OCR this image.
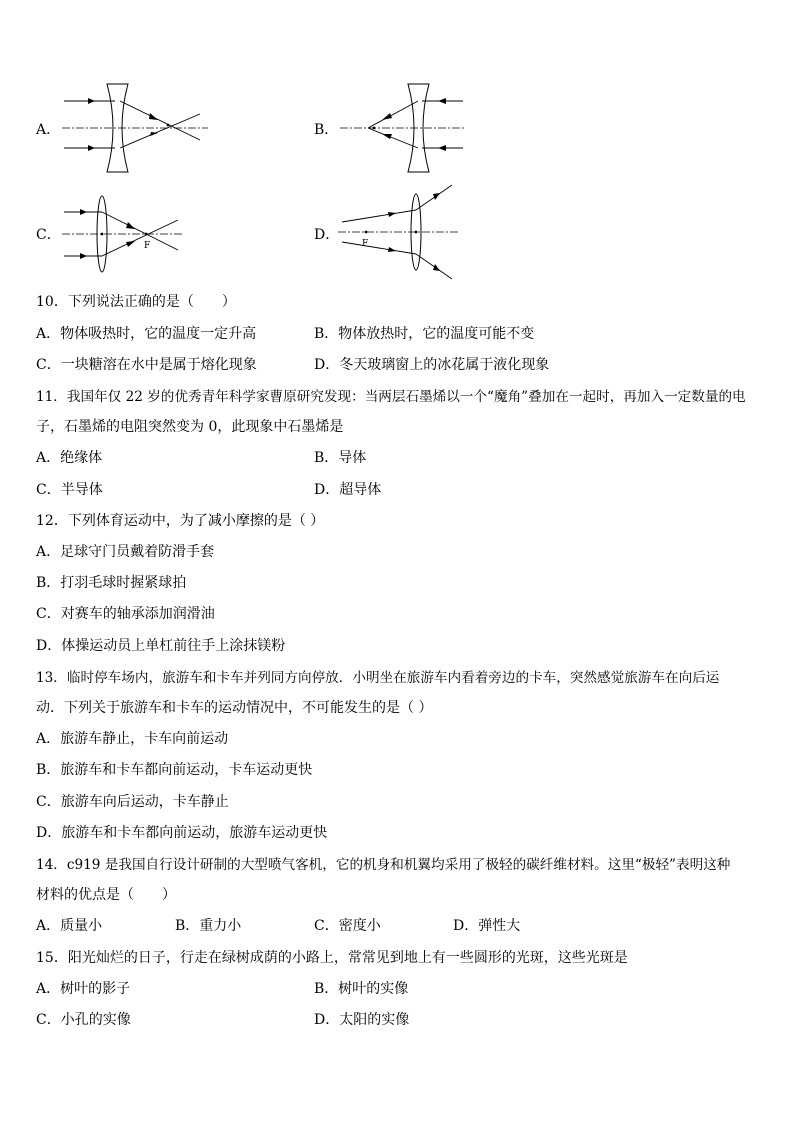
A．	B．
C．
F
D．
F
10．下列说法正确的是（　　）
A．物体吸热时，它的温度一定升高	B．物体放热时，它的温度可能不变
C．一块糖溶在水中是属于熔化现象	D．冬天玻璃窗上的冰花属于液化现象
11．我国年仅 22 岁的优秀青年科学家曹原研究发现：当两层石墨烯以一个“魔角”叠加在一起时，再加入一定数量的电
子，石墨烯的电阻突然变为 0，此现象中石墨烯是
A．绝缘体	B．导体
C．半导体	D．超导体
12．下列体育运动中，为了减小摩擦的是（ ）
A．足球守门员戴着防滑手套
B．打羽毛球时握紧球拍
C．对赛车的轴承添加润滑油
D．体操运动员上单杠前往手上涂抹镁粉
13．临时停车场内，旅游车和卡车并列同方向停放．小明坐在旅游车内看着旁边的卡车，突然感觉旅游车在向后运
动．下列关于旅游车和卡车的运动情况中，不可能发生的是（ ）
A．旅游车静止，卡车向前运动
B．旅游车和卡车都向前运动，卡车运动更快
C．旅游车向后运动，卡车静止
D．旅游车和卡车都向前运动，旅游车运动更快
14．c919 是我国自行设计研制的大型喷气客机，它的机身和机翼均采用了极轻的碳纤维材料。这里“极轻”表明这种
材料的优点是（　　）
A．质量小	B．重力小	C．密度小	D．弹性大
15．阳光灿烂的日子，行走在绿树成荫的小路上，常常见到地上有一些圆形的光斑，这些光斑是
A．树叶的影子	B．树叶的实像
C．小孔的实像	D．太阳的实像
